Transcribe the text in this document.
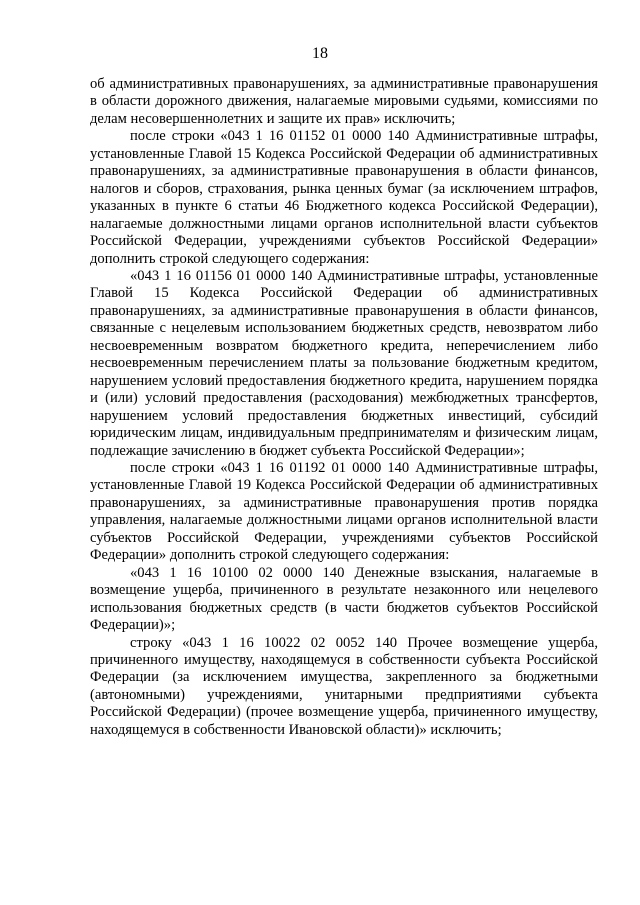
18

об административных правонарушениях, за административные правонарушения в области дорожного движения, налагаемые мировыми судьями, комиссиями по делам несовершеннолетних и защите их прав» исключить;

после строки «043 1 16 01152 01 0000 140 Административные штрафы, установленные Главой 15 Кодекса Российской Федерации об административных правонарушениях, за административные правонарушения в области финансов, налогов и сборов, страхования, рынка ценных бумаг (за исключением штрафов, указанных в пункте 6 статьи 46 Бюджетного кодекса Российской Федерации), налагаемые должностными лицами органов исполнительной власти субъектов Российской Федерации, учреждениями субъектов Российской Федерации» дополнить строкой следующего содержания:

«043 1 16 01156 01 0000 140 Административные штрафы, установленные Главой 15 Кодекса Российской Федерации об административных правонарушениях, за административные правонарушения в области финансов, связанные с нецелевым использованием бюджетных средств, невозвратом либо несвоевременным возвратом бюджетного кредита, неперечислением либо несвоевременным перечислением платы за пользование бюджетным кредитом, нарушением условий предоставления бюджетного кредита, нарушением порядка и (или) условий предоставления (расходования) межбюджетных трансфертов, нарушением условий предоставления бюджетных инвестиций, субсидий юридическим лицам, индивидуальным предпринимателям и физическим лицам, подлежащие зачислению в бюджет субъекта Российской Федерации»;

после строки «043 1 16 01192 01 0000 140 Административные штрафы, установленные Главой 19 Кодекса Российской Федерации об административных правонарушениях, за административные правонарушения против порядка управления, налагаемые должностными лицами органов исполнительной власти субъектов Российской Федерации, учреждениями субъектов Российской Федерации» дополнить строкой следующего содержания:

«043 1 16 10100 02 0000 140 Денежные взыскания, налагаемые в возмещение ущерба, причиненного в результате незаконного или нецелевого использования бюджетных средств (в части бюджетов субъектов Российской Федерации)»;

строку «043 1 16 10022 02 0052 140 Прочее возмещение ущерба, причиненного имуществу, находящемуся в собственности субъекта Российской Федерации (за исключением имущества, закрепленного за бюджетными (автономными) учреждениями, унитарными предприятиями субъекта Российской Федерации) (прочее возмещение ущерба, причиненного имуществу, находящемуся в собственности Ивановской области)» исключить;
